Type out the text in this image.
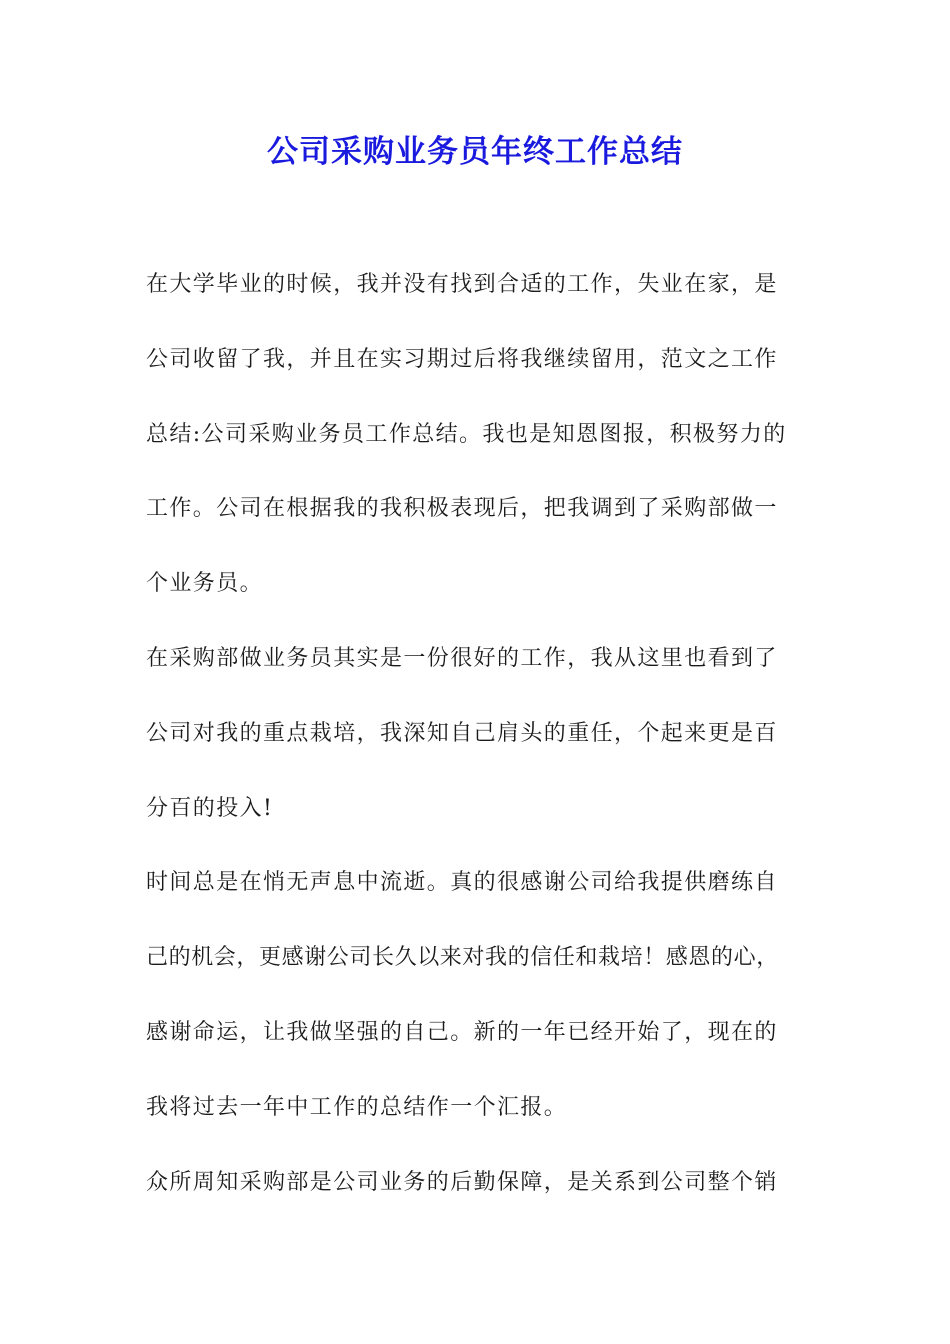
公司采购业务员年终工作总结
在大学毕业的时候，我并没有找到合适的工作，失业在家，是
公司收留了我，并且在实习期过后将我继续留用，范文之工作
总结:公司采购业务员工作总结。我也是知恩图报，积极努力的
工作。公司在根据我的我积极表现后，把我调到了采购部做一
个业务员。
在采购部做业务员其实是一份很好的工作，我从这里也看到了
公司对我的重点栽培，我深知自己肩头的重任，个起来更是百
分百的投入!
时间总是在悄无声息中流逝。真的很感谢公司给我提供磨练自
己的机会，更感谢公司长久以来对我的信任和栽培！感恩的心，
感谢命运，让我做坚强的自己。新的一年已经开始了，现在的
我将过去一年中工作的总结作一个汇报。
众所周知采购部是公司业务的后勤保障，是关系到公司整个销
